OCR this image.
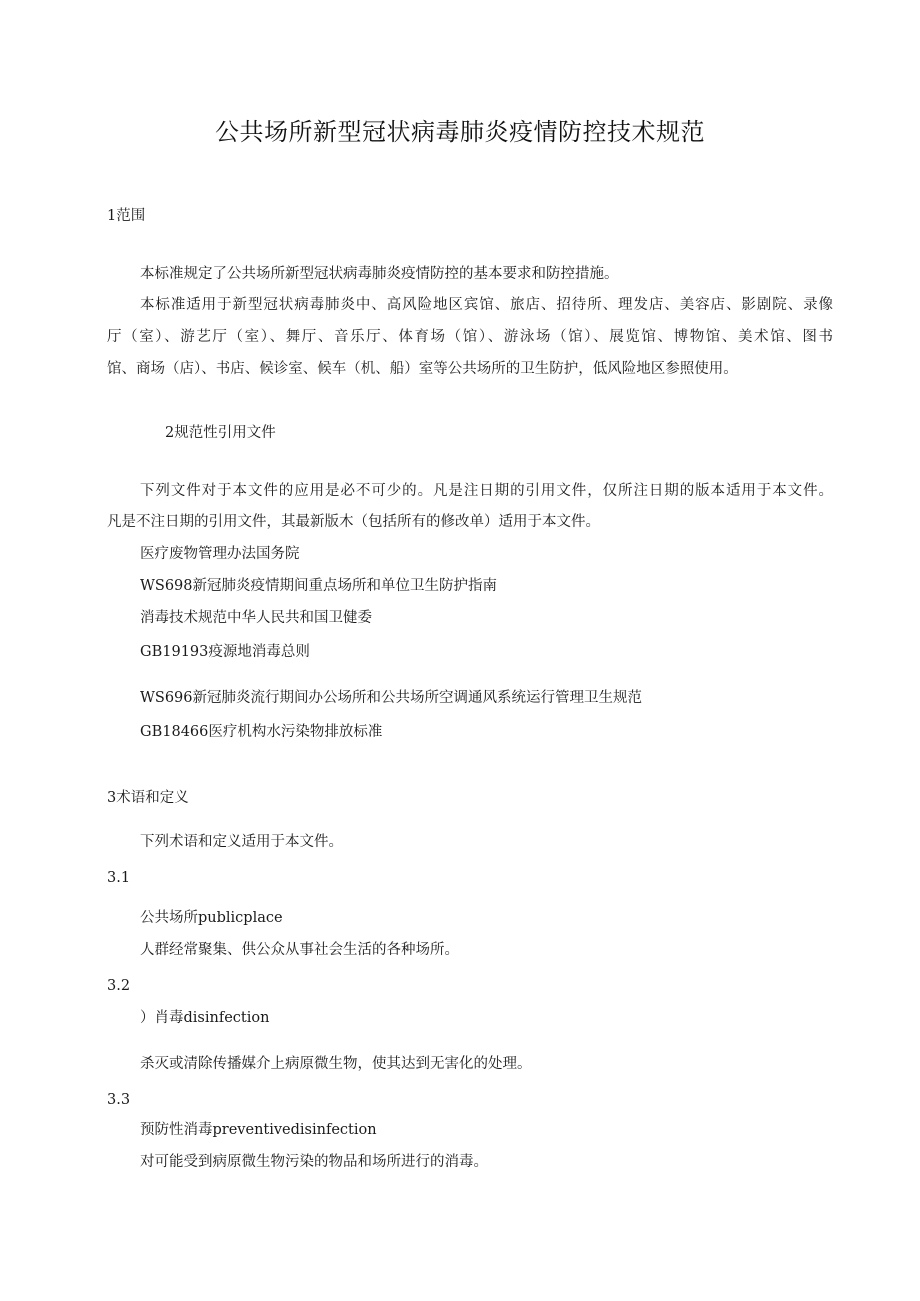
公共场所新型冠状病毒肺炎疫情防控技术规范
1范围
本标准规定了公共场所新型冠状病毒肺炎疫情防控的基本要求和防控措施。
本标准适用于新型冠状病毒肺炎中、高风险地区宾馆、旅店、招待所、理发店、美容店、影剧院、录像
厅（室）、游艺厅（室）、舞厅、音乐厅、体育场（馆）、游泳场（馆）、展览馆、博物馆、美术馆、图书
馆、商场（店）、书店、候诊室、候车（机、船）室等公共场所的卫生防护，低风险地区参照使用。
2规范性引用文件
下列文件对于本文件的应用是必不可少的。凡是注日期的引用文件，仅所注日期的版本适用于本文件。
凡是不注日期的引用文件，其最新版木（包括所有的修改单）适用于本文件。
医疗废物管理办法国务院
WS698新冠肺炎疫情期间重点场所和单位卫生防护指南
消毒技术规范中华人民共和国卫健委
GB19193疫源地消毒总则
WS696新冠肺炎流行期间办公场所和公共场所空调通风系统运行管理卫生规范
GB18466医疗机构水污染物排放标准
3术语和定义
下列术语和定义适用于本文件。
3.1
公共场所publicplace
人群经常聚集、供公众从事社会生活的各种场所。
3.2
）肖毒disinfection
杀灭或清除传播媒介上病原微生物，使其达到无害化的处理。
3.3
预防性消毒preventivedisinfection
对可能受到病原微生物污染的物品和场所进行的消毒。
